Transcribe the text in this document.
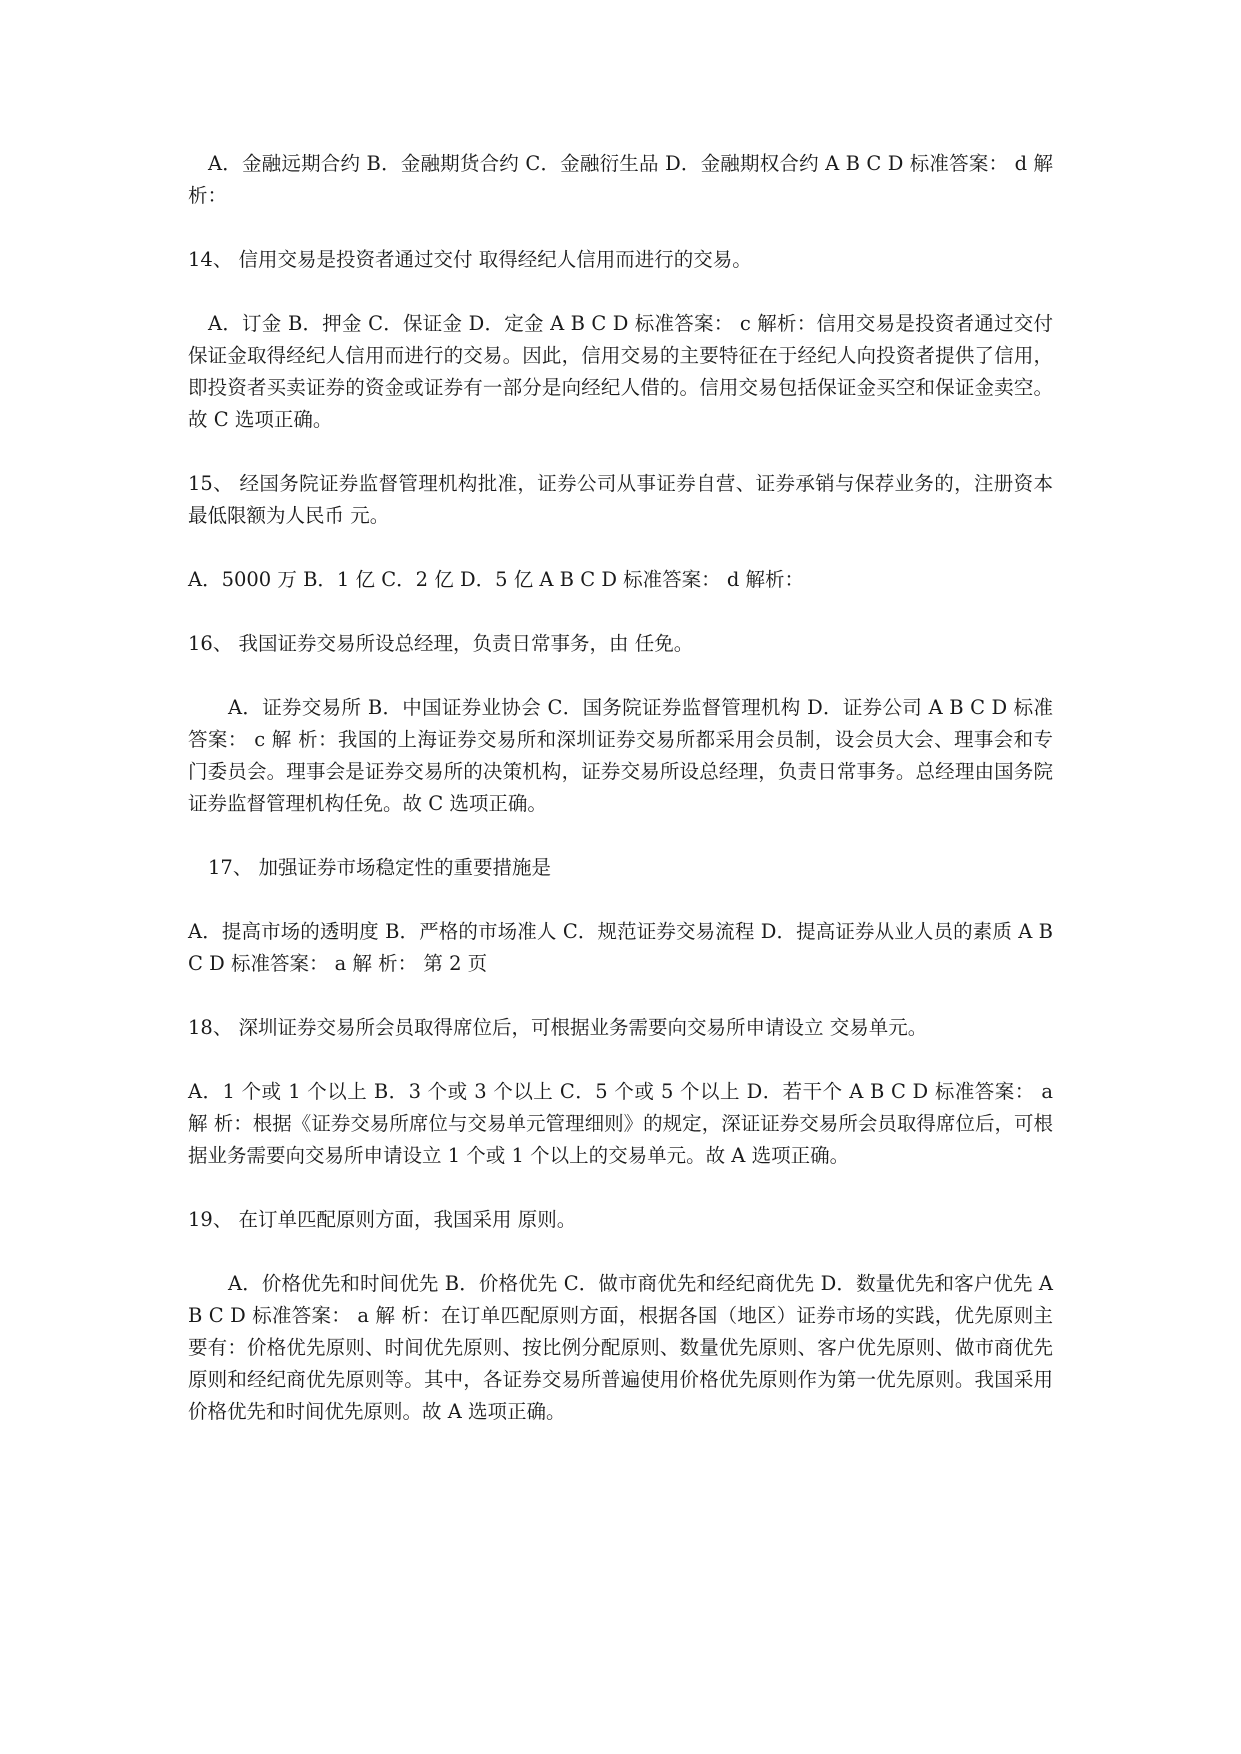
A．金融远期合约 B．金融期货合约 C．金融衍生品 D．金融期权合约 A B C D 标准答案： d 解 析：

14、 信用交易是投资者通过交付 取得经纪人信用而进行的交易。

A．订金 B．押金 C．保证金 D．定金 A B C D 标准答案： c 解析：信用交易是投资者通过交付保证金取得经纪人信用而进行的交易。因此，信用交易的主要特征在于经纪人向投资者提供了信用，即投资者买卖证券的资金或证券有一部分是向经纪人借的。信用交易包括保证金买空和保证金卖空。故 C 选项正确。

15、 经国务院证券监督管理机构批准，证券公司从事证券自营、证券承销与保荐业务的，注册资本最低限额为人民币 元。

A．5000 万 B．1 亿 C．2 亿 D．5 亿 A B C D 标准答案： d 解析：

16、 我国证券交易所设总经理，负责日常事务，由 任免。

A．证券交易所 B．中国证券业协会 C．国务院证券监督管理机构 D．证券公司 A B C D 标准答案： c 解 析：我国的上海证券交易所和深圳证券交易所都采用会员制，设会员大会、理事会和专门委员会。理事会是证券交易所的决策机构，证券交易所设总经理，负责日常事务。总经理由国务院证券监督管理机构任免。故 C 选项正确。

17、 加强证券市场稳定性的重要措施是

A．提高市场的透明度 B．严格的市场准人 C．规范证券交易流程 D．提高证券从业人员的素质 A B C D 标准答案： a 解 析： 第 2 页

18、 深圳证券交易所会员取得席位后，可根据业务需要向交易所申请设立 交易单元。

A．1 个或 1 个以上 B．3 个或 3 个以上 C．5 个或 5 个以上 D．若干个 A B C D 标准答案： a 解 析：根据《证券交易所席位与交易单元管理细则》的规定，深证证券交易所会员取得席位后，可根据业务需要向交易所申请设立 1 个或 1 个以上的交易单元。故 A 选项正确。

19、 在订单匹配原则方面，我国采用 原则。

A．价格优先和时间优先 B．价格优先 C．做市商优先和经纪商优先 D．数量优先和客户优先 A B C D 标准答案： a 解 析：在订单匹配原则方面，根据各国（地区）证券市场的实践，优先原则主要有：价格优先原则、时间优先原则、按比例分配原则、数量优先原则、客户优先原则、做市商优先原则和经纪商优先原则等。其中，各证券交易所普遍使用价格优先原则作为第一优先原则。我国采用价格优先和时间优先原则。故 A 选项正确。
